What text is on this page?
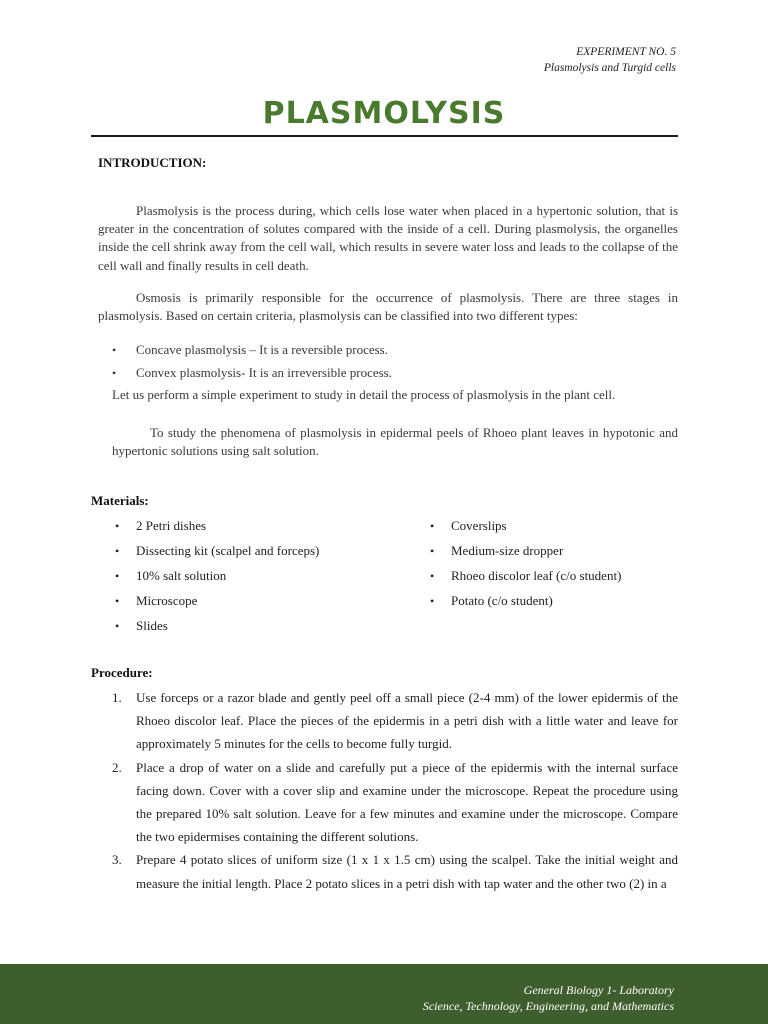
EXPERIMENT NO. 5
Plasmolysis and Turgid cells
PLASMOLYSIS
INTRODUCTION:

Plasmolysis is the process during, which cells lose water when placed in a hypertonic solution, that is greater in the concentration of solutes compared with the inside of a cell. During plasmolysis, the organelles inside the cell shrink away from the cell wall, which results in severe water loss and leads to the collapse of the cell wall and finally results in cell death.

Osmosis is primarily responsible for the occurrence of plasmolysis. There are three stages in plasmolysis. Based on certain criteria, plasmolysis can be classified into two different types:

•	Concave plasmolysis – It is a reversible process.
•	Convex plasmolysis- It is an irreversible process.

Let us perform a simple experiment to study in detail the process of plasmolysis in the plant cell.

To study the phenomena of plasmolysis in epidermal peels of Rhoeo plant leaves in hypotonic and hypertonic solutions using salt solution.

Materials:
•	2 Petri dishes
•	Dissecting kit (scalpel and forceps)
•	10% salt solution
•	Microscope
•	Slides
•	Coverslips
•	Medium-size dropper
•	Rhoeo discolor leaf (c/o student)
•	Potato (c/o student)
Procedure:
1. Use forceps or a razor blade and gently peel off a small piece (2-4 mm) of the lower epidermis of the Rhoeo discolor leaf. Place the pieces of the epidermis in a petri dish with a little water and leave for approximately 5 minutes for the cells to become fully turgid.
2. Place a drop of water on a slide and carefully put a piece of the epidermis with the internal surface facing down. Cover with a cover slip and examine under the microscope. Repeat the procedure using the prepared 10% salt solution. Leave for a few minutes and examine under the microscope. Compare the two epidermises containing the different solutions.
3. Prepare 4 potato slices of uniform size (1 x 1 x 1.5 cm) using the scalpel. Take the initial weight and measure the initial length. Place 2 potato slices in a petri dish with tap water and the other two (2) in a
General Biology 1- Laboratory
Science, Technology, Engineering, and Mathematics
